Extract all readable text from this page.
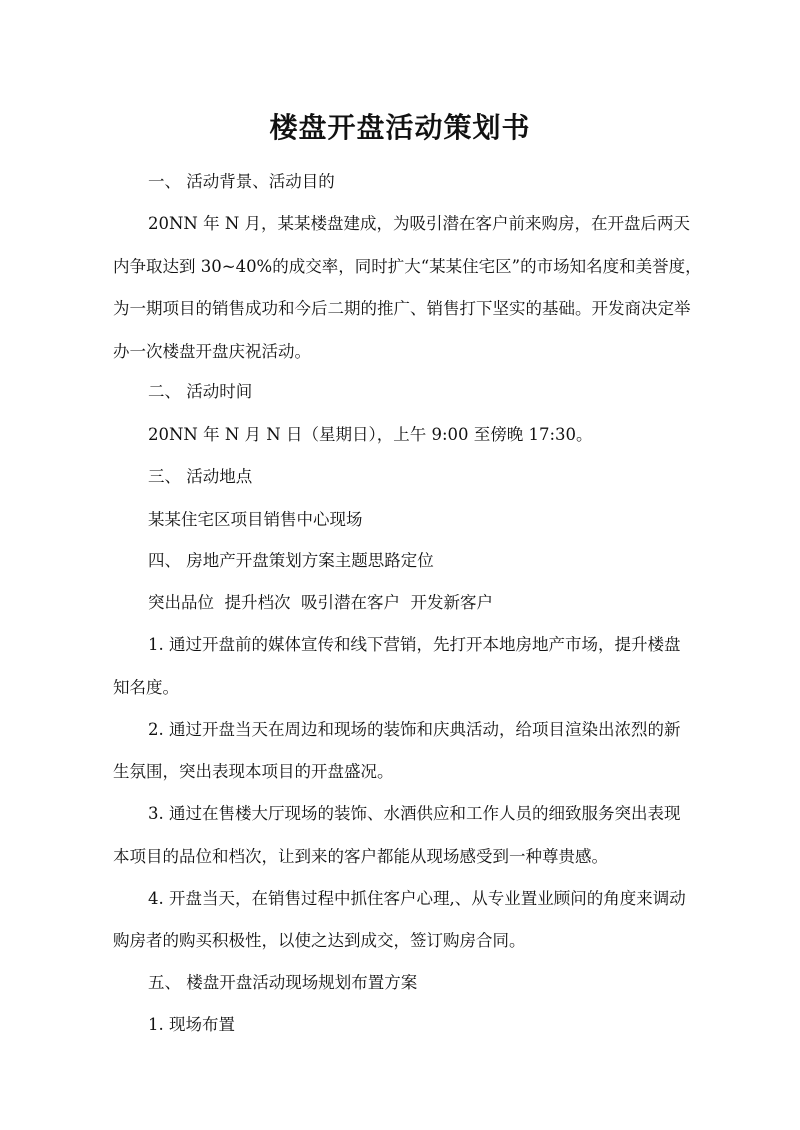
楼盘开盘活动策划书

一、 活动背景、活动目的

20NN 年 N 月，某某楼盘建成，为吸引潜在客户前来购房，在开盘后两天

内争取达到 30~40%的成交率，同时扩大“某某住宅区”的市场知名度和美誉度，

为一期项目的销售成功和今后二期的推广、销售打下坚实的基础。开发商决定举

办一次楼盘开盘庆祝活动。

二、 活动时间

20NN 年 N 月 N 日（星期日），上午 9:00 至傍晚 17:30。

三、 活动地点

某某住宅区项目销售中心现场

四、 房地产开盘策划方案主题思路定位

突出品位  提升档次  吸引潜在客户  开发新客户

1. 通过开盘前的媒体宣传和线下营销，先打开本地房地产市场，提升楼盘

知名度。

2. 通过开盘当天在周边和现场的装饰和庆典活动，给项目渲染出浓烈的新

生氛围，突出表现本项目的开盘盛况。

3. 通过在售楼大厅现场的装饰、水酒供应和工作人员的细致服务突出表现

本项目的品位和档次，让到来的客户都能从现场感受到一种尊贵感。

4. 开盘当天，在销售过程中抓住客户心理,、从专业置业顾问的角度来调动

购房者的购买积极性，以使之达到成交，签订购房合同。

五、 楼盘开盘活动现场规划布置方案

1. 现场布置
